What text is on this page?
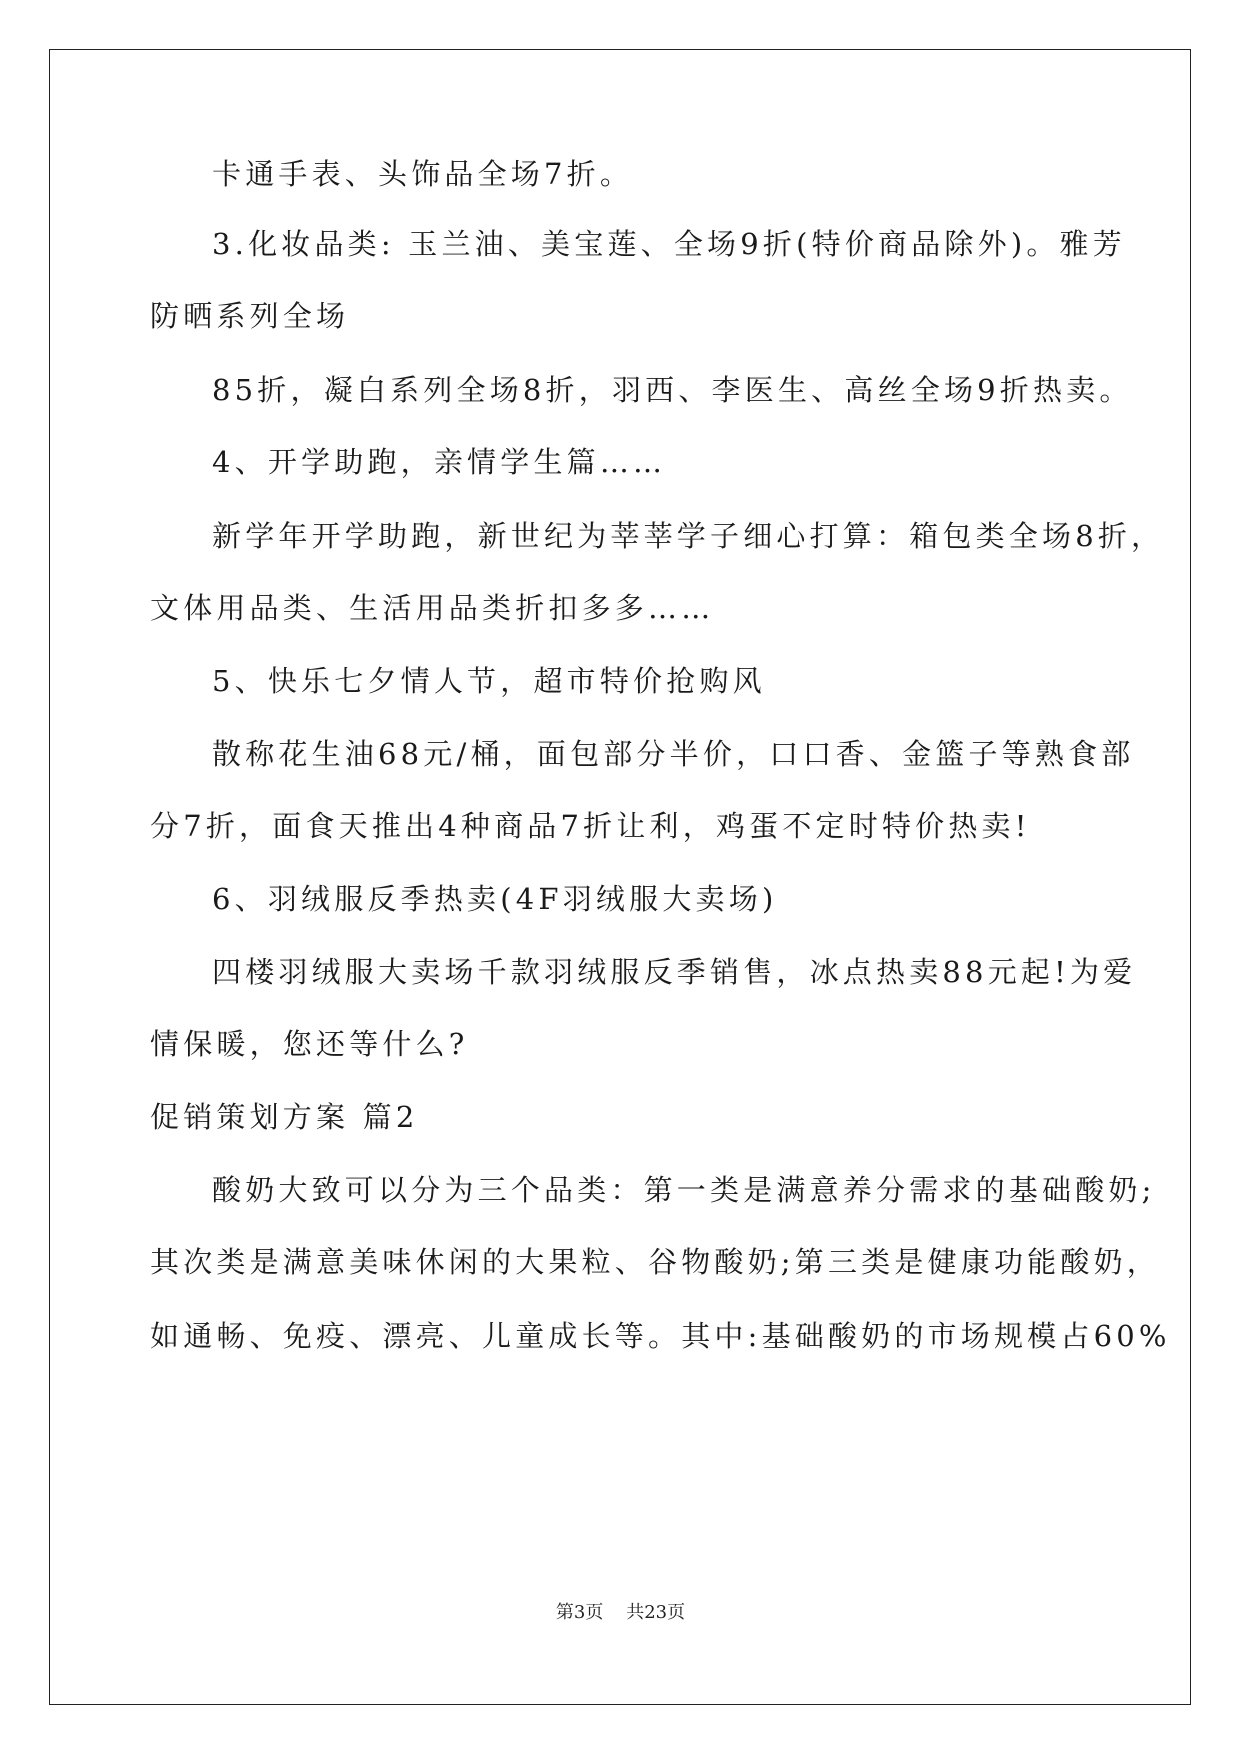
卡通手表、头饰品全场7折。
3.化妆品类: 玉兰油、美宝莲、全场9折(特价商品除外)。雅芳
防晒系列全场
85折，凝白系列全场8折，羽西、李医生、高丝全场9折热卖。
4、开学助跑，亲情学生篇……
新学年开学助跑，新世纪为莘莘学子细心打算：箱包类全场8折，
文体用品类、生活用品类折扣多多……
5、快乐七夕情人节，超市特价抢购风
散称花生油68元/桶，面包部分半价，口口香、金篮子等熟食部
分7折，面食天推出4种商品7折让利，鸡蛋不定时特价热卖!
6、羽绒服反季热卖(4F羽绒服大卖场)
四楼羽绒服大卖场千款羽绒服反季销售，冰点热卖88元起!为爱
情保暖，您还等什么?
促销策划方案 篇2
酸奶大致可以分为三个品类：第一类是满意养分需求的基础酸奶;
其次类是满意美味休闲的大果粒、谷物酸奶;第三类是健康功能酸奶，
如通畅、免疫、漂亮、儿童成长等。其中:基础酸奶的市场规模占60%
第3页    共23页
